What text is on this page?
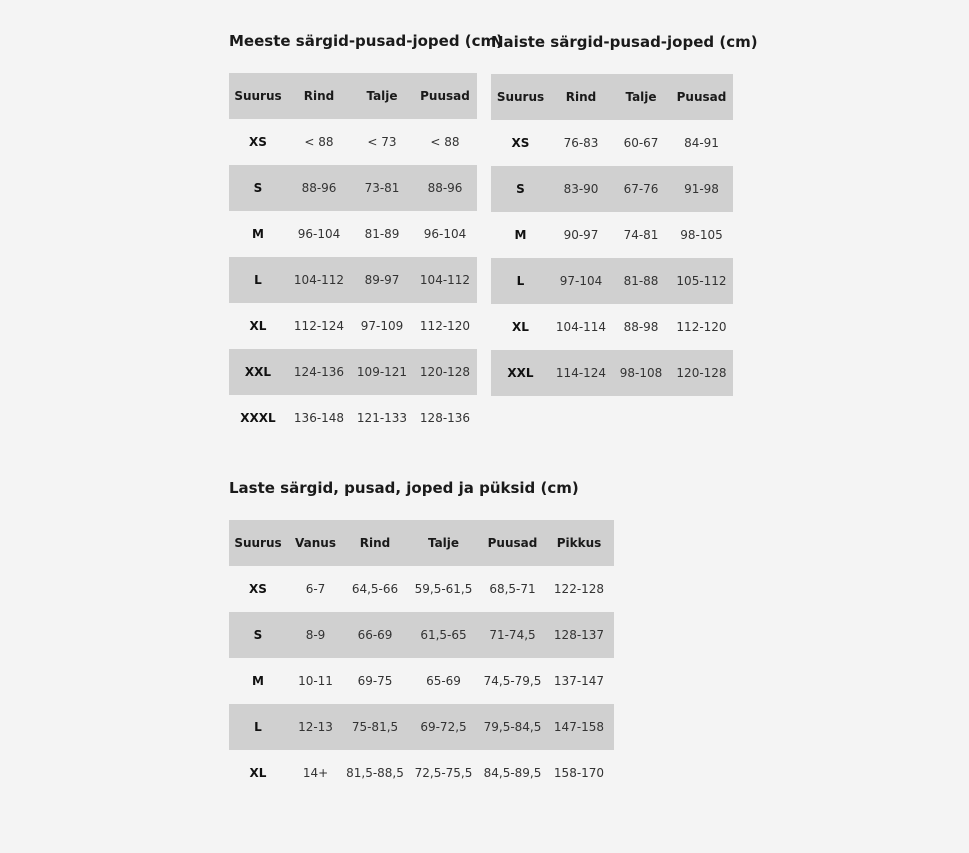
Meeste särgid-pusad-joped (cm)
Suurus	Rind	Talje	Puusad
XS	< 88	< 73	< 88
S	88-96	73-81	88-96
M	96-104	81-89	96-104
L	104-112	89-97	104-112
XL	112-124	97-109	112-120
XXL	124-136	109-121	120-128
XXXL	136-148	121-133	128-136
Naiste särgid-pusad-joped (cm)
Suurus	Rind	Talje	Puusad
XS	76-83	60-67	84-91
S	83-90	67-76	91-98
M	90-97	74-81	98-105
L	97-104	81-88	105-112
XL	104-114	88-98	112-120
XXL	114-124	98-108	120-128
Laste särgid, pusad, joped ja püksid (cm)
Suurus	Vanus	Rind	Talje	Puusad	Pikkus
XS	6-7	64,5-66	59,5-61,5	68,5-71	122-128
S	8-9	66-69	61,5-65	71-74,5	128-137
M	10-11	69-75	65-69	74,5-79,5	137-147
L	12-13	75-81,5	69-72,5	79,5-84,5	147-158
XL	14+	81,5-88,5	72,5-75,5	84,5-89,5	158-170
